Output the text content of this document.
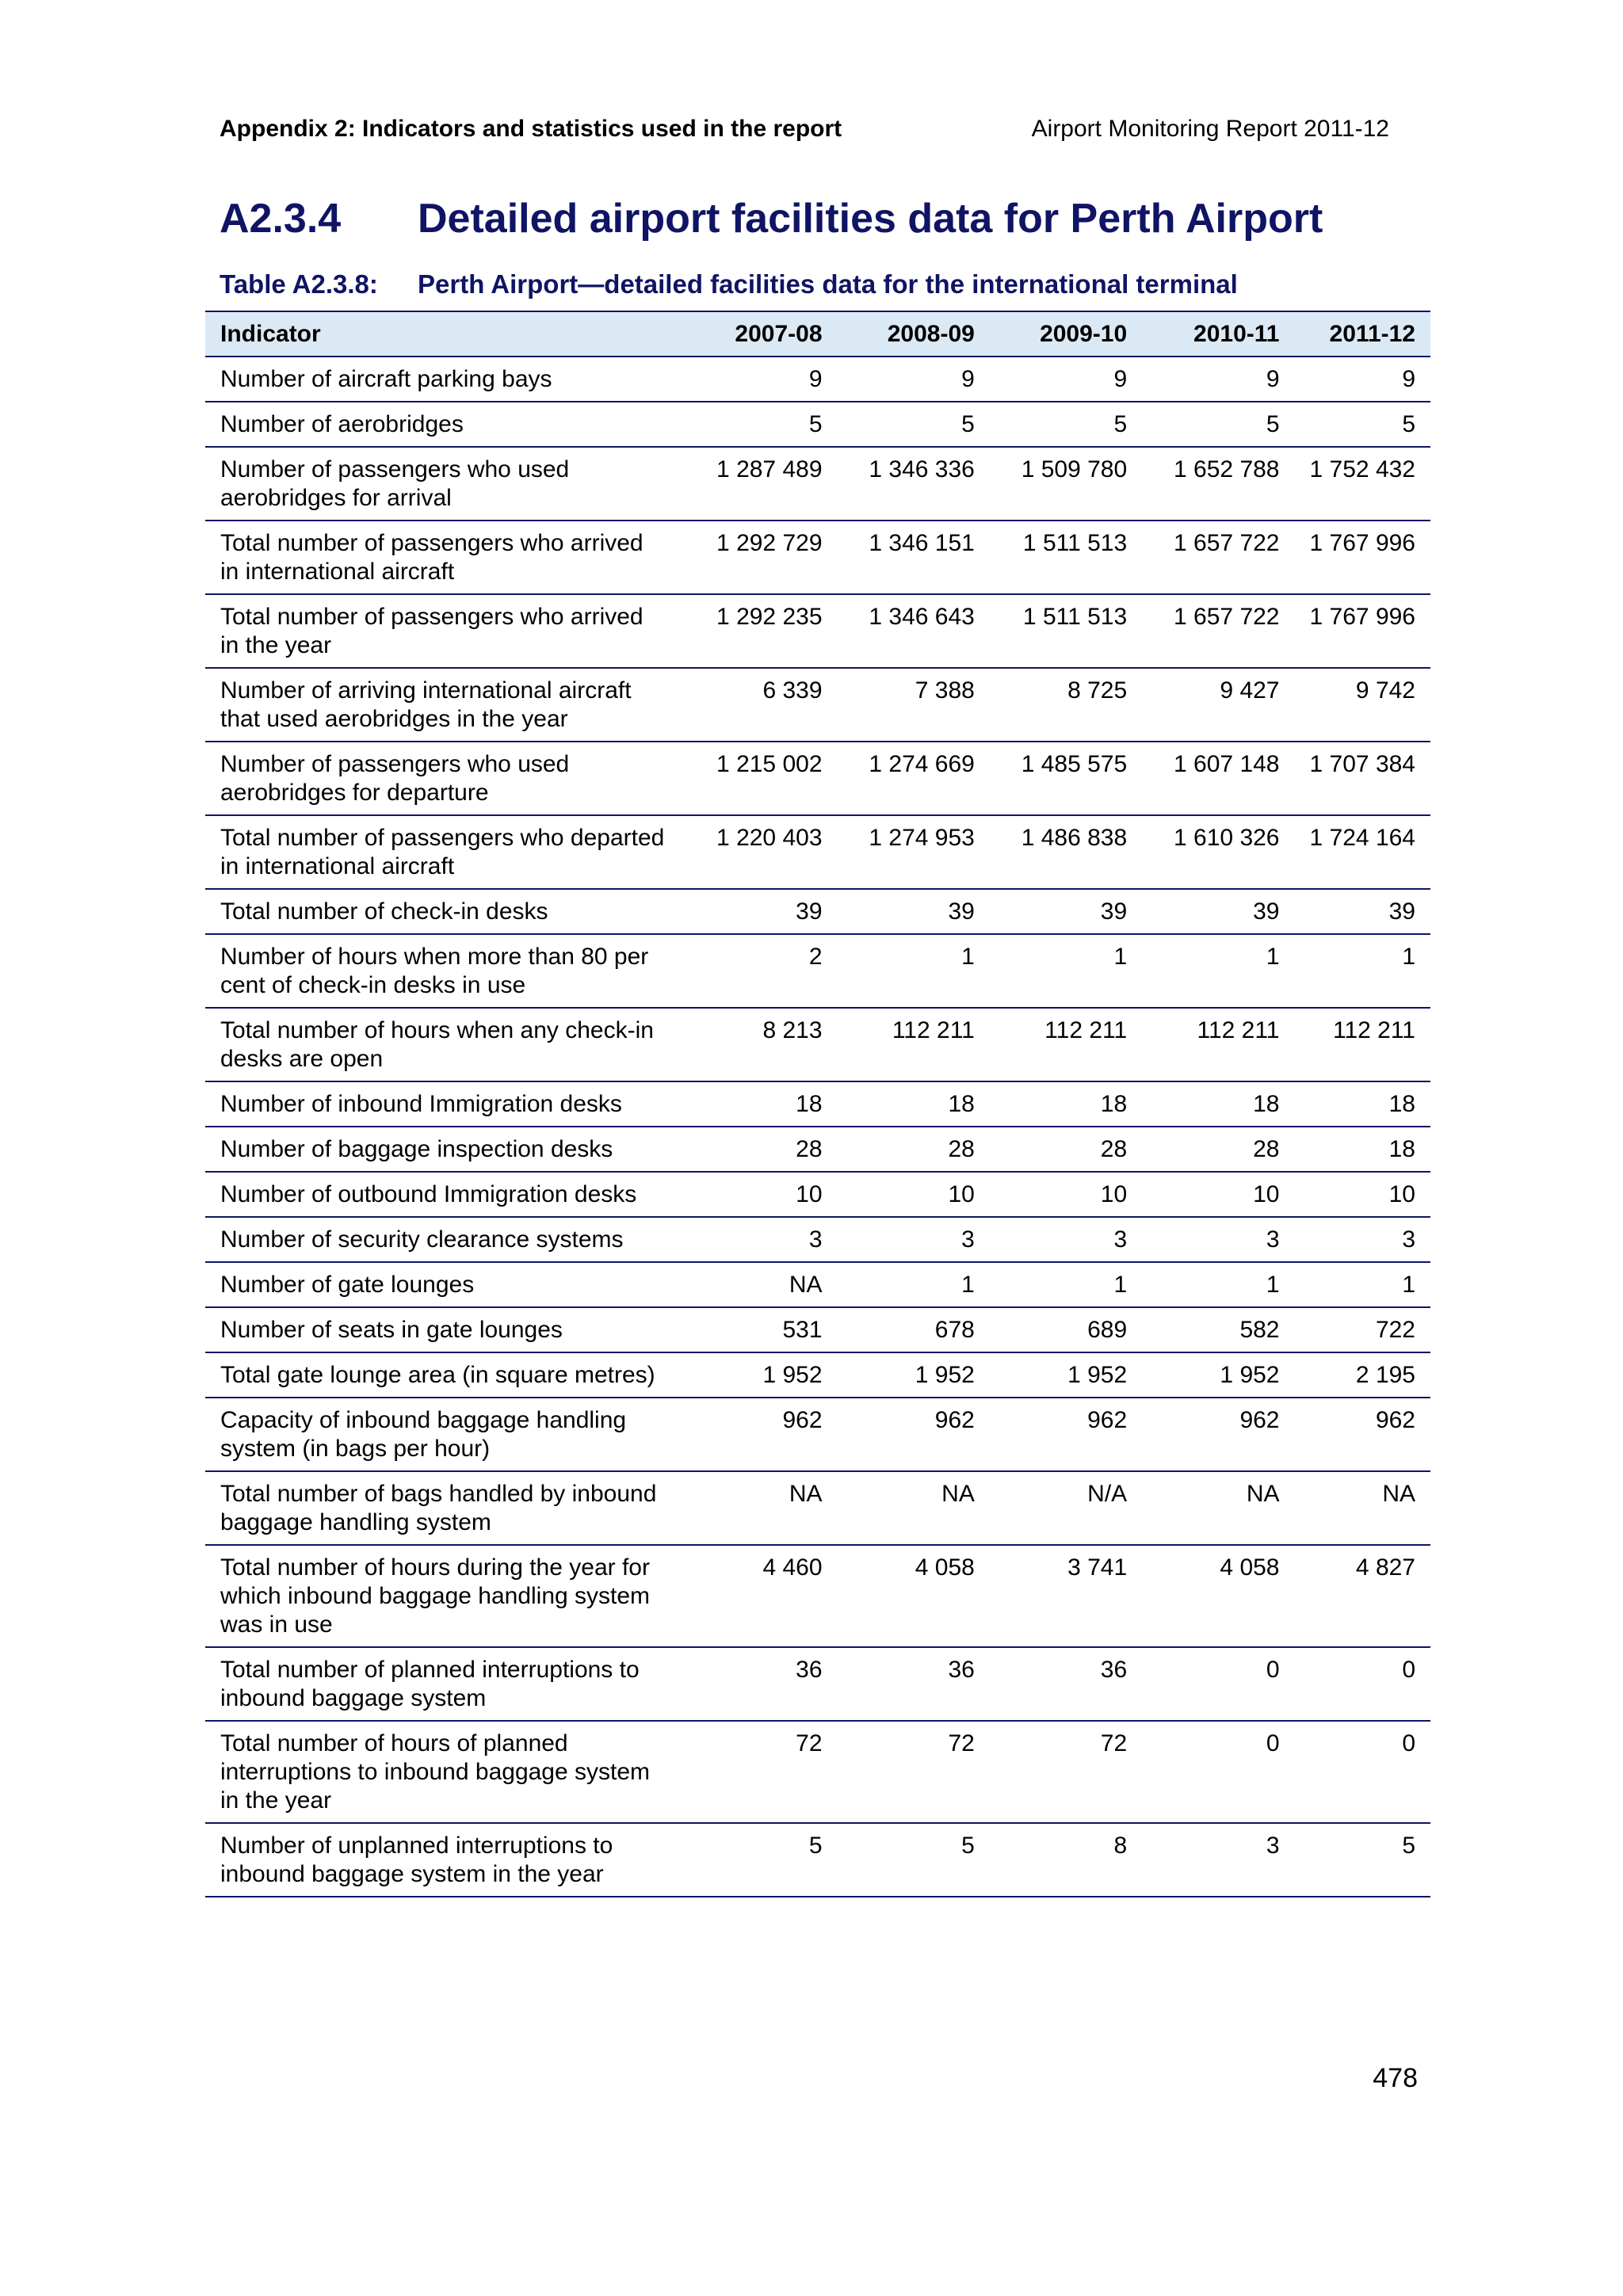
Appendix 2: Indicators and statistics used in the report	Airport Monitoring Report 2011-12
A2.3.4	Detailed airport facilities data for Perth Airport
Table A2.3.8:	Perth Airport—detailed facilities data for the international terminal
Indicator	2007-08	2008-09	2009-10	2010-11	2011-12
Number of aircraft parking bays	9	9	9	9	9
Number of aerobridges	5	5	5	5	5
Number of passengers who used aerobridges for arrival	1 287 489	1 346 336	1 509 780	1 652 788	1 752 432
Total number of passengers who arrived in international aircraft	1 292 729	1 346 151	1 511 513	1 657 722	1 767 996
Total number of passengers who arrived in the year	1 292 235	1 346 643	1 511 513	1 657 722	1 767 996
Number of arriving international aircraft that used aerobridges in the year	6 339	7 388	8 725	9 427	9 742
Number of passengers who used aerobridges for departure	1 215 002	1 274 669	1 485 575	1 607 148	1 707 384
Total number of passengers who departed in international aircraft	1 220 403	1 274 953	1 486 838	1 610 326	1 724 164
Total number of check-in desks	39	39	39	39	39
Number of hours when more than 80 per cent of check-in desks in use	2	1	1	1	1
Total number of hours when any check-in desks are open	8 213	112 211	112 211	112 211	112 211
Number of inbound Immigration desks	18	18	18	18	18
Number of baggage inspection desks	28	28	28	28	18
Number of outbound Immigration desks	10	10	10	10	10
Number of security clearance systems	3	3	3	3	3
Number of gate lounges	NA	1	1	1	1
Number of seats in gate lounges	531	678	689	582	722
Total gate lounge area (in square metres)	1 952	1 952	1 952	1 952	2 195
Capacity of inbound baggage handling system (in bags per hour)	962	962	962	962	962
Total number of bags handled by inbound baggage handling system	NA	NA	N/A	NA	NA
Total number of hours during the year for which inbound baggage handling system was in use	4 460	4 058	3 741	4 058	4 827
Total number of planned interruptions to inbound baggage system	36	36	36	0	0
Total number of hours of planned interruptions to inbound baggage system in the year	72	72	72	0	0
Number of unplanned interruptions to inbound baggage system in the year	5	5	8	3	5
478
